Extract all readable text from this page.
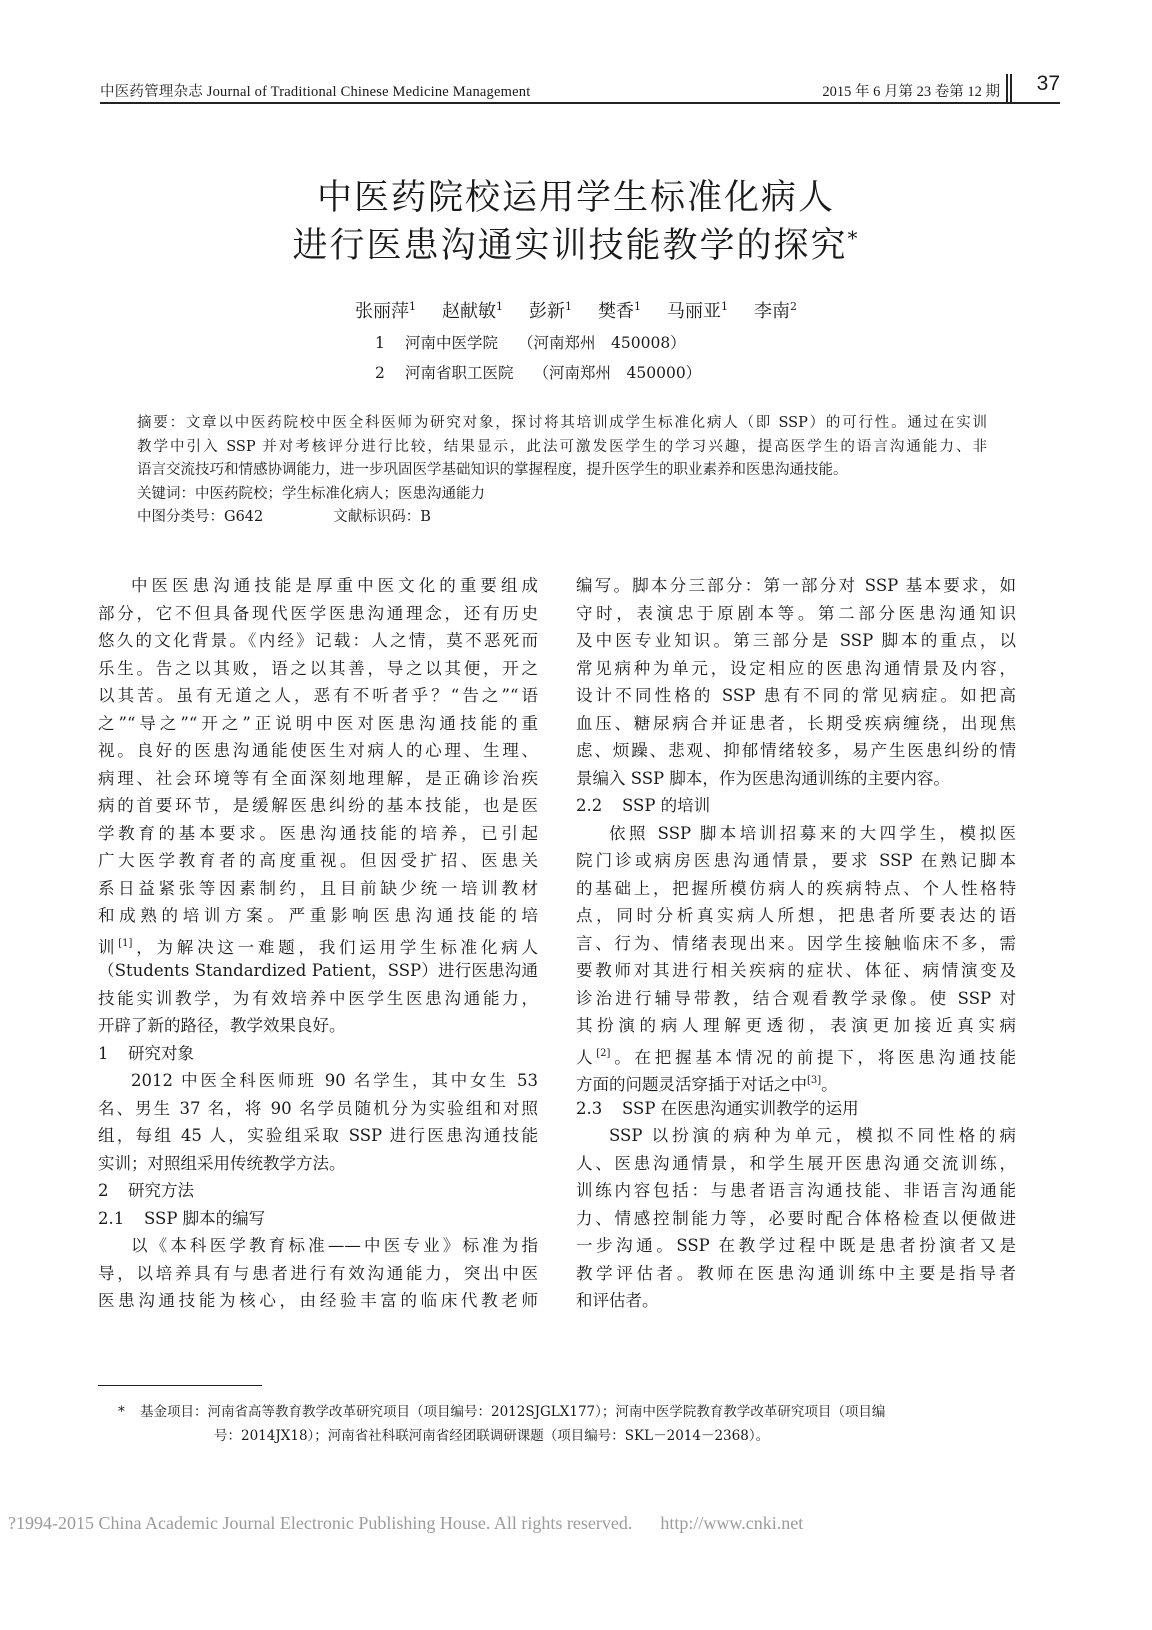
中医药管理杂志 Journal of Traditional Chinese Medicine Management	2015 年 6 月第 23 卷第 12 期 37
中医药院校运用学生标准化病人
进行医患沟通实训技能教学的探究*
张丽萍$^1$ 赵献敏$^1$ 彭新$^1$ 樊香$^1$ 马丽亚$^1$ 李南$^2$
1 河南中医学院 （河南郑州　450008）
2 河南省职工医院 （河南郑州　450000）
摘要：文章以中医药院校中医全科医师为研究对象，探讨将其培训成学生标准化病人（即 SSP）的可行性。通过在实训
教学中引入 SSP 并对考核评分进行比较，结果显示，此法可激发医学生的学习兴趣，提高医学生的语言沟通能力、非
语言交流技巧和情感协调能力，进一步巩固医学基础知识的掌握程度，提升医学生的职业素养和医患沟通技能。
关键词：中医药院校；学生标准化病人；医患沟通能力
中图分类号：G642	文献标识码：B
中医医患沟通技能是厚重中医文化的重要组成
部分，它不但具备现代医学医患沟通理念，还有历史
悠久的文化背景。《内经》记载：人之情，莫不恶死而
乐生。告之以其败，语之以其善，导之以其便，开之
以其苦。虽有无道之人，恶有不听者乎？“告之”“语
之”“导之”“开之”正说明中医对医患沟通技能的重
视。良好的医患沟通能使医生对病人的心理、生理、
病理、社会环境等有全面深刻地理解，是正确诊治疾
病的首要环节，是缓解医患纠纷的基本技能，也是医
学教育的基本要求。医患沟通技能的培养，已引起
广大医学教育者的高度重视。但因受扩招、医患关
系日益紧张等因素制约，且目前缺少统一培训教材
和成熟的培训方案。严重影响医患沟通技能的培
训[1]，为解决这一难题，我们运用学生标准化病人
（Students Standardized Patient，SSP）进行医患沟通
技能实训教学，为有效培养中医学生医患沟通能力，
开辟了新的路径，教学效果良好。
1 研究对象
2012 中医全科医师班 90 名学生，其中女生 53
名、男生 37 名，将 90 名学员随机分为实验组和对照
组，每组 45 人，实验组采取 SSP 进行医患沟通技能
实训；对照组采用传统教学方法。
2 研究方法
2.1 SSP 脚本的编写
以《本科医学教育标准——中医专业》标准为指
导，以培养具有与患者进行有效沟通能力，突出中医
医患沟通技能为核心，由经验丰富的临床代教老师
编写。脚本分三部分：第一部分对 SSP 基本要求，如
守时，表演忠于原剧本等。第二部分医患沟通知识
及中医专业知识。第三部分是 SSP 脚本的重点，以
常见病种为单元，设定相应的医患沟通情景及内容，
设计不同性格的 SSP 患有不同的常见病症。如把高
血压、糖尿病合并证患者，长期受疾病缠绕，出现焦
虑、烦躁、悲观、抑郁情绪较多，易产生医患纠纷的情
景编入 SSP 脚本，作为医患沟通训练的主要内容。
2.2 SSP 的培训
依照 SSP 脚本培训招募来的大四学生，模拟医
院门诊或病房医患沟通情景，要求 SSP 在熟记脚本
的基础上，把握所模仿病人的疾病特点、个人性格特
点，同时分析真实病人所想，把患者所要表达的语
言、行为、情绪表现出来。因学生接触临床不多，需
要教师对其进行相关疾病的症状、体征、病情演变及
诊治进行辅导带教，结合观看教学录像。使 SSP 对
其扮演的病人理解更透彻，表演更加接近真实病
人[2]。在把握基本情况的前提下，将医患沟通技能
方面的问题灵活穿插于对话之中[3]。
2.3 SSP 在医患沟通实训教学的运用
SSP 以扮演的病种为单元，模拟不同性格的病
人、医患沟通情景，和学生展开医患沟通交流训练，
训练内容包括：与患者语言沟通技能、非语言沟通能
力、情感控制能力等，必要时配合体格检查以便做进
一步沟通。SSP 在教学过程中既是患者扮演者又是
教学评估者。教师在医患沟通训练中主要是指导者
和评估者。
* 基金项目：河南省高等教育教学改革研究项目（项目编号：2012SJGLX177）；河南中医学院教育教学改革研究项目（项目编
号：2014JX18）；河南省社科联河南省经团联调研课题（项目编号：SKL－2014－2368）。
?1994-2015 China Academic Journal Electronic Publishing House. All rights reserved. http://www.cnki.net
